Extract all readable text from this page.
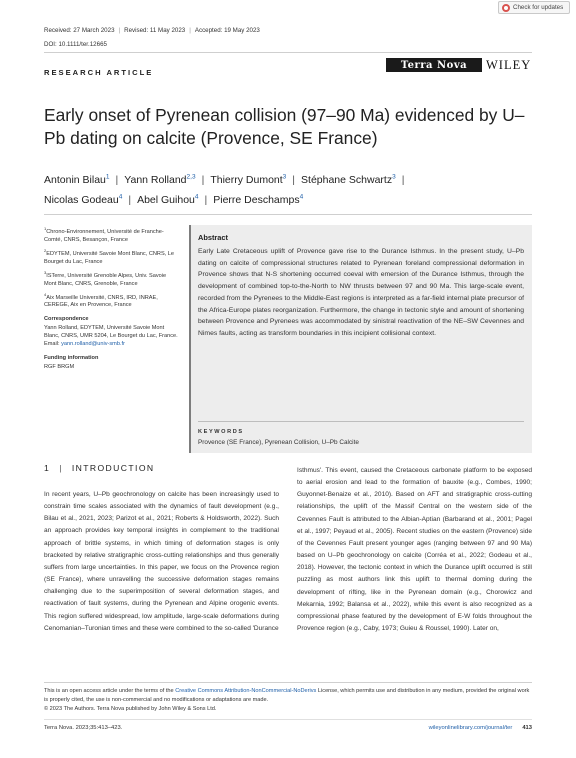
Received: 27 March 2023 | Revised: 11 May 2023 | Accepted: 19 May 2023
DOI: 10.1111/ter.12665
Check for updates
RESEARCH ARTICLE
Terra Nova	WILEY
Early onset of Pyrenean collision (97–90 Ma) evidenced by U–Pb dating on calcite (Provence, SE France)
Antonin Bilau$^1$ | Yann Rolland$^{2,3}$ | Thierry Dumont$^3$ | Stéphane Schwartz$^3$ |
Nicolas Godeau$^4$ | Abel Guihou$^4$ | Pierre Deschamps$^4$

$^1$Chrono-Environnement, Université de Franche-Comté, CNRS, Besançon, France

$^2$EDYTEM, Université Savoie Mont Blanc, CNRS, Le Bourget du Lac, France

$^3$ISTerre, Université Grenoble Alpes, Univ. Savoie Mont Blanc, CNRS, Grenoble, France

$^4$Aix Marseille Université, CNRS, IRD, INRAE, CEREGE, Aix en Provence, France

Correspondence

Yann Rolland, EDYTEM, Université Savoie Mont Blanc, CNRS, UMR 5204, Le Bourget du Lac, France.
Email: yann.rolland@univ-smb.fr

Funding information

RGF BRGM

Abstract
Early Late Cretaceous uplift of Provence gave rise to the Durance Isthmus. In the present study, U–Pb dating on calcite of compressional structures related to Pyrenean foreland compressional deformation in Provence shows that N-S shortening occurred coeval with emersion of the Durance Isthmus, through the development of combined top-to-the-North to NW thrusts between 97 and 90 Ma. This large-scale event, recorded from the Pyrenees to the Middle-East regions is interpreted as a far-field internal plate precursor of the Africa-Europe plates reorganization. Furthermore, the change in tectonic style and amount of shortening between Provence and Pyrenees was accommodated by sinistral reactivation of the NE–SW Cevennes and Nimes faults, acting as transform boundaries in this incipient collisional context.
KEYWORDS
Provence (SE France), Pyrenean Collision, U–Pb Calcite
1 | INTRODUCTION
In recent years, U–Pb geochronology on calcite has been increasingly used to constrain time scales associated with the dynamics of fault development (e.g., Bilau et al., 2021, 2023; Parizot et al., 2021; Roberts & Holdsworth, 2022). Such an approach provides key temporal insights in complement to the traditional approach of brittle systems, in which timing of deformation stages is only bracketed by relative stratigraphic cross-cutting relationships and thus generally suffers from large uncertainties. In this paper, we focus on the Provence region (SE France), where unravelling the successive deformation stages remains challenging due to the superimposition of several deformation stages, and reactivation of fault systems, during the Pyrenean and Alpine orogenic events. This region suffered widespread, low amplitude, large-scale deformations during Cenomanian–Turonian times and these were combined to the so-called 'Durance
Isthmus'. This event, caused the Cretaceous carbonate platform to be exposed to aerial erosion and lead to the formation of bauxite (e.g., Combes, 1990; Guyonnet-Benaize et al., 2010). Based on AFT and stratigraphic cross-cutting relationships, the uplift of the Massif Central on the western side of the Cevennes Fault is attributed to the Albian-Aptian (Barbarand et al., 2001; Pagel et al., 1997; Peyaud et al., 2005). Recent studies on the eastern (Provence) side of the Cevennes Fault present younger ages (ranging between 97 and 90 Ma) based on U–Pb geochronology on calcite (Corréa et al., 2022; Godeau et al., 2018). However, the tectonic context in which the Durance uplift occurred is still puzzling as most authors link this uplift to thermal doming during the development of rifting, like in the Pyrenean domain (e.g., Chorowicz and Mekarnia, 1992; Balansa et al., 2022), while this event is also recognized as a compressional phase featured by the development of E-W folds throughout the Provence region (e.g., Caby, 1973; Guieu & Roussel, 1990). Later on,
This is an open access article under the terms of the Creative Commons Attribution-NonCommercial-NoDerivs License, which permits use and distribution in any medium, provided the original work is properly cited, the use is non-commercial and no modifications or adaptations are made.
© 2023 The Authors. Terra Nova published by John Wiley & Sons Ltd.
Terra Nova. 2023;35:413–423.	wileyonlinelibrary.com/journal/ter 413
